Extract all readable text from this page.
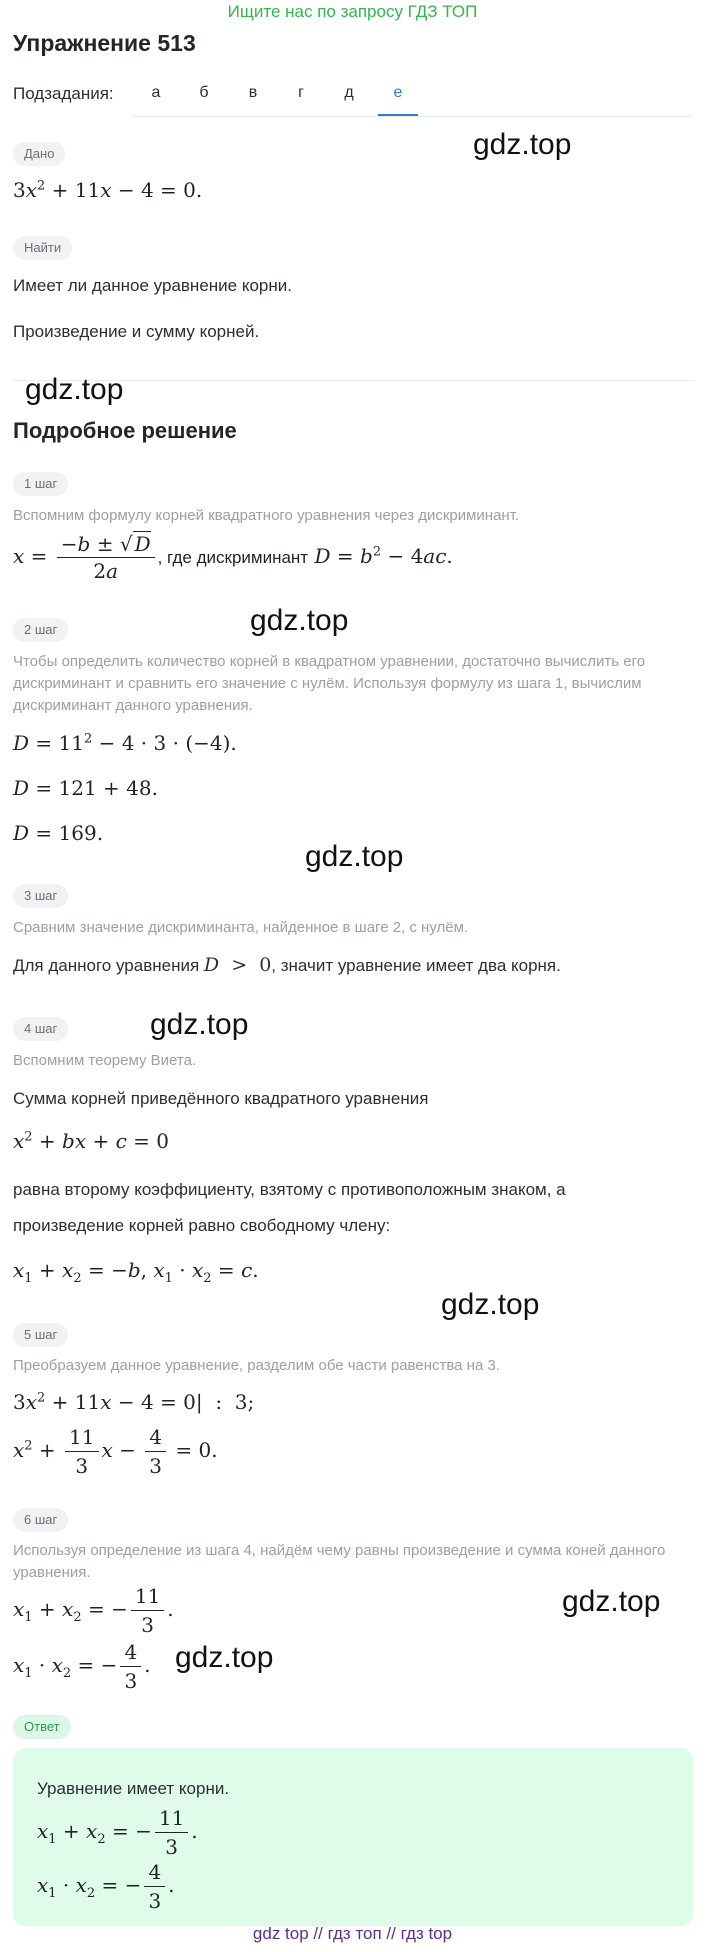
Ищите нас по запросу ГДЗ ТОП
Упражнение 513
Подзадания:	а	б	в	г	д	е
Дано	gdz.top
$3x^2 + 11x - 4 = 0$.
Найти
Имеет ли данное уравнение корни.
Произведение и сумму корней.
gdz.top
Подробное решение
1 шаг
Вспомним формулу корней квадратного уравнения через дискриминант.
$x = \frac{-b \pm √ D}{2a}$ , где дискриминант $D = b^2 - 4ac$.
gdz.top
2 шаг
Чтобы определить количество корней в квадратном уравнении, достаточно вычислить его дискриминант и сравнить его значение с нулём. Используя формулу из шага 1, вычислим дискриминант данного уравнения.
$D = 11^2 - 4 \cdot 3 \cdot (-4)$.
D = 121 + 48.
D = 169.
gdz.top
3 шаг
Сравним значение дискриминанта, найденное в шаге 2, с нулём.
Для данного уравнения D  >  0, значит уравнение имеет два корня.
4 шаг	gdz.top
Вспомним теорему Виета.
Сумма корней приведённого квадратного уравнения
$x^2$ + bx + c = 0
равна второму коэффициенту, взятому с противоположным знаком, а
произведение корней равно свободному члену:
$x_1 + x_2 = -b$, $x_1 \cdot x_2 = c$.
gdz.top
5 шаг
Преобразуем данное уравнение, разделим обе части равенства на 3.
$3x^2 + 11x - 4 = 0|$  :  3;
$x^2 + \frac{11}{3}$ $x - \frac{4}{3} = 0$.
6 шаг
Используя определение из шага 4, найдём чему равны произведение и сумма коней данного уравнения.
gdz.top
$x_1 + x_2$ = − $\frac{11}{3}$ .
$x_1 \cdot x_2$ = − $\frac{4}{3}$ . gdz.top
Ответ
Уравнение имеет корни.
$x_1 + x_2$ = − $\frac{11}{3}$ .
$x_1 \cdot x_2$ = − $\frac{4}{3}$ .
gdz top // гдз топ // гдз top
